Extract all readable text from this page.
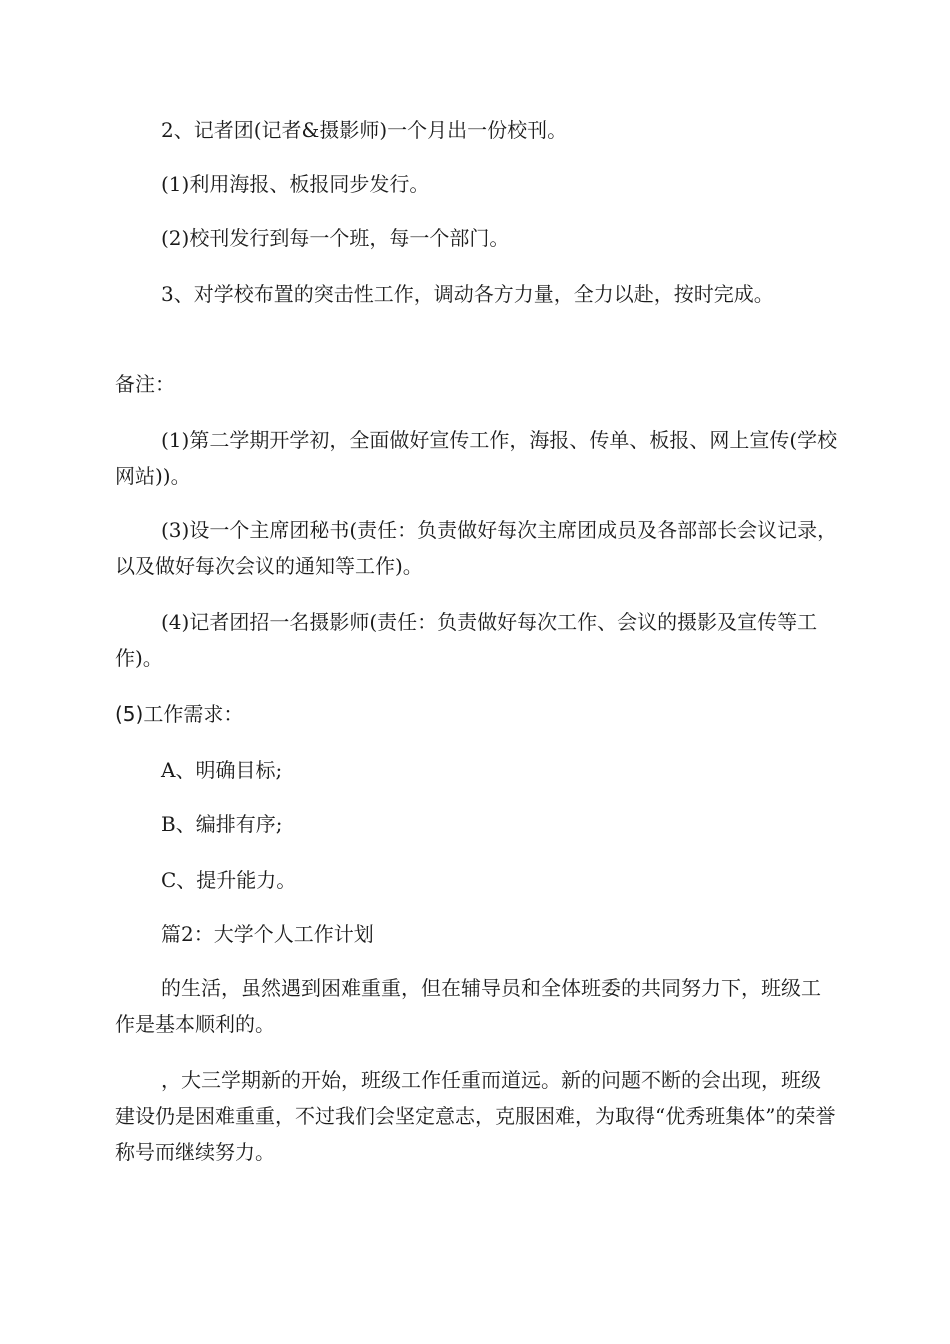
2、记者团(记者&摄影师)一个月出一份校刊。

(1)利用海报、板报同步发行。

(2)校刊发行到每一个班，每一个部门。

3、对学校布置的突击性工作，调动各方力量，全力以赴，按时完成。

备注：

(1)第二学期开学初，全面做好宣传工作，海报、传单、板报、网上宣传(学校网站))。

(3)设一个主席团秘书(责任：负责做好每次主席团成员及各部部长会议记录，以及做好每次会议的通知等工作)。

(4)记者团招一名摄影师(责任：负责做好每次工作、会议的摄影及宣传等工作)。

(5)工作需求：

A、明确目标;

B、编排有序;

C、提升能力。

篇2：大学个人工作计划

的生活，虽然遇到困难重重，但在辅导员和全体班委的共同努力下，班级工作是基本顺利的。

，大三学期新的开始，班级工作任重而道远。新的问题不断的会出现，班级建设仍是困难重重，不过我们会坚定意志，克服困难，为取得“优秀班集体”的荣誉称号而继续努力。
